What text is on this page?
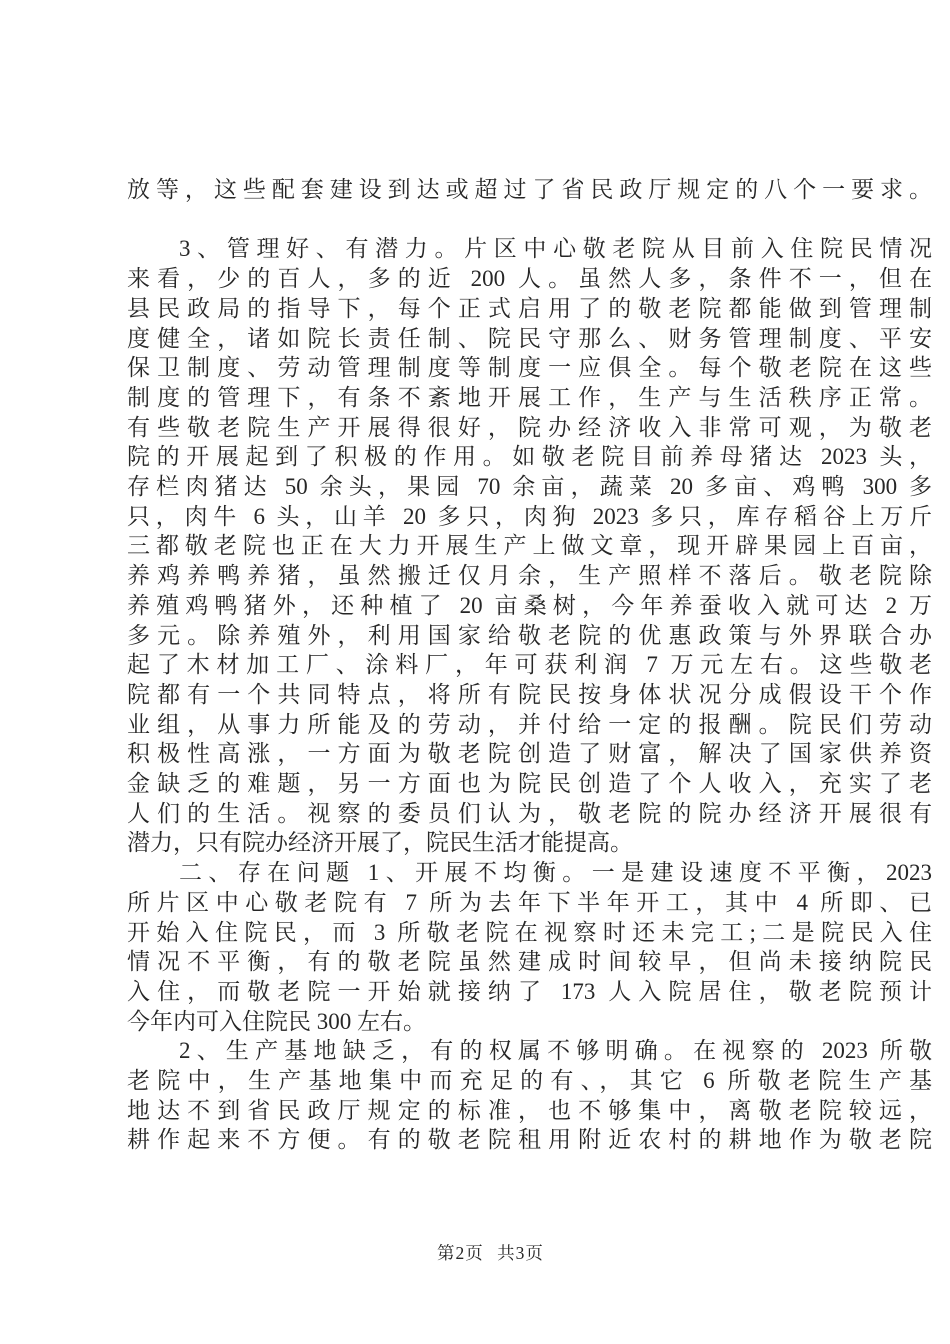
放等，这些配套建设到达或超过了省民政厅规定的八个一要求。
3、管理好、有潜力。片区中心敬老院从目前入住院民情况
来看，少的百人，多的近 200 人。虽然人多，条件不一，但在
县民政局的指导下，每个正式启用了的敬老院都能做到管理制
度健全，诸如院长责任制、院民守那么、财务管理制度、平安
保卫制度、劳动管理制度等制度一应俱全。每个敬老院在这些
制度的管理下，有条不紊地开展工作，生产与生活秩序正常。
有些敬老院生产开展得很好，院办经济收入非常可观，为敬老
院的开展起到了积极的作用。如敬老院目前养母猪达 2023 头，
存栏肉猪达 50 余头，果园 70 余亩，蔬菜 20 多亩、鸡鸭 300 多
只，肉牛 6 头，山羊 20 多只，肉狗 2023 多只，库存稻谷上万斤
三都敬老院也正在大力开展生产上做文章，现开辟果园上百亩，
养鸡养鸭养猪，虽然搬迁仅月余，生产照样不落后。敬老院除
养殖鸡鸭猪外，还种植了 20 亩桑树，今年养蚕收入就可达 2 万
多元。除养殖外，利用国家给敬老院的优惠政策与外界联合办
起了木材加工厂、涂料厂，年可获利润 7 万元左右。这些敬老
院都有一个共同特点，将所有院民按身体状况分成假设干个作
业组，从事力所能及的劳动，并付给一定的报酬。院民们劳动
积极性高涨，一方面为敬老院创造了财富，解决了国家供养资
金缺乏的难题，另一方面也为院民创造了个人收入，充实了老
人们的生活。视察的委员们认为，敬老院的院办经济开展很有
潜力，只有院办经济开展了，院民生活才能提高。
二、存在问题 1、开展不均衡。一是建设速度不平衡，2023
所片区中心敬老院有 7 所为去年下半年开工，其中 4 所即、已
开始入住院民，而 3 所敬老院在视察时还未完工;二是院民入住
情况不平衡，有的敬老院虽然建成时间较早，但尚未接纳院民
入住，而敬老院一开始就接纳了 173 人入院居住，敬老院预计
今年内可入住院民 300 左右。
2、生产基地缺乏，有的权属不够明确。在视察的 2023 所敬
老院中，生产基地集中而充足的有、，其它 6 所敬老院生产基
地达不到省民政厅规定的标准，也不够集中，离敬老院较远，
耕作起来不方便。有的敬老院租用附近农村的耕地作为敬老院
第2页 共3页
